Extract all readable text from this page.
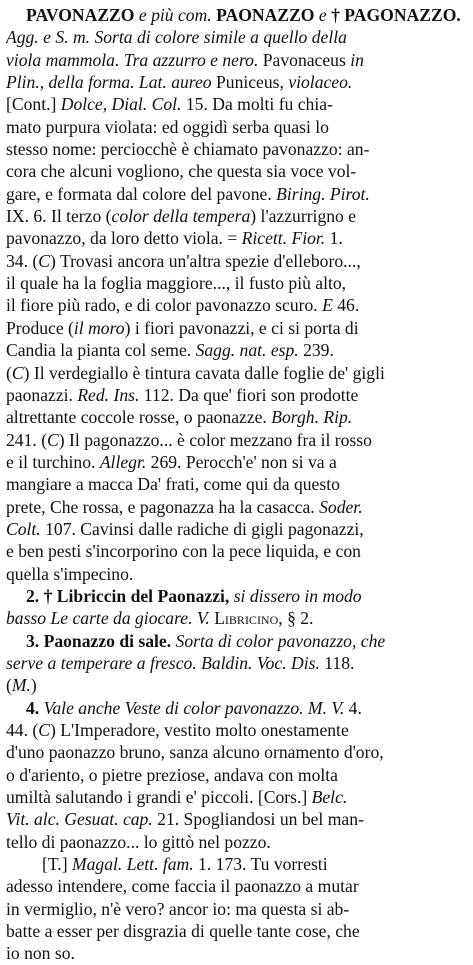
PAVONAZZO e più com. PAONAZZO e † PAGONAZZO.
Agg. e S. m. Sorta di colore simile a quello della
viola mammola. Tra azzurro e nero. Pavonaceus in
Plin., della forma. Lat. aureo Puniceus, violaceo.
[Cont.] Dolce, Dial. Col. 15. Da molti fu chia-
mato purpura violata: ed oggidì serba quasi lo
stesso nome: perciocchè è chiamato pavonazzo: an-
cora che alcuni vogliono, che questa sia voce vol-
gare, e formata dal colore del pavone. Biring. Pirot.
IX. 6. Il terzo (color della tempera) l'azzurrigno e
pavonazzo, da loro detto viola. = Ricett. Fior. 1.
34. (C) Trovasi ancora un'altra spezie d'elleboro...,
il quale ha la foglia maggiore..., il fusto più alto,
il fiore più rado, e di color pavonazzo scuro. E 46.
Produce (il moro) i fiori pavonazzi, e ci si porta di
Candia la pianta col seme. Sagg. nat. esp. 239.
(C) Il verdegiallo è tintura cavata dalle foglie de' gigli
paonazzi. Red. Ins. 112. Da que' fiori son prodotte
altrettante coccole rosse, o paonazze. Borgh. Rip.
241. (C) Il pagonazzo... è color mezzano fra il rosso
e il turchino. Allegr. 269. Perocch'e' non si va a
mangiare a macca Da' frati, come qui da questo
prete, Che rossa, e pagonazza ha la casacca. Soder.
Colt. 107. Cavinsi dalle radiche di gigli pagonazzi,
e ben pesti s'incorporino con la pece liquida, e con
quella s'impecino.
2. † Libriccin del Paonazzi, si dissero in modo
basso Le carte da giocare. V. Libricino, § 2.
3. Paonazzo di sale. Sorta di color pavonazzo, che
serve a temperare a fresco. Baldin. Voc. Dis. 118.
(M.)
4. Vale anche Veste di color pavonazzo. M. V. 4.
44. (C) L'Imperadore, vestito molto onestamente
d'uno paonazzo bruno, sanza alcuno ornamento d'oro,
o d'ariento, o pietre preziose, andava con molta
umiltà salutando i grandi e' piccoli. [Cors.] Belc.
Vit. alc. Gesuat. cap. 21. Spogliandosi un bel man-
tello di paonazzo... lo gittò nel pozzo.
[T.] Magal. Lett. fam. 1. 173. Tu vorresti
adesso intendere, come faccia il paonazzo a mutar
in vermiglio, n'è vero? ancor io: ma questa si ab-
batte a esser per disgrazia di quelle tante cose, che
io non so.
